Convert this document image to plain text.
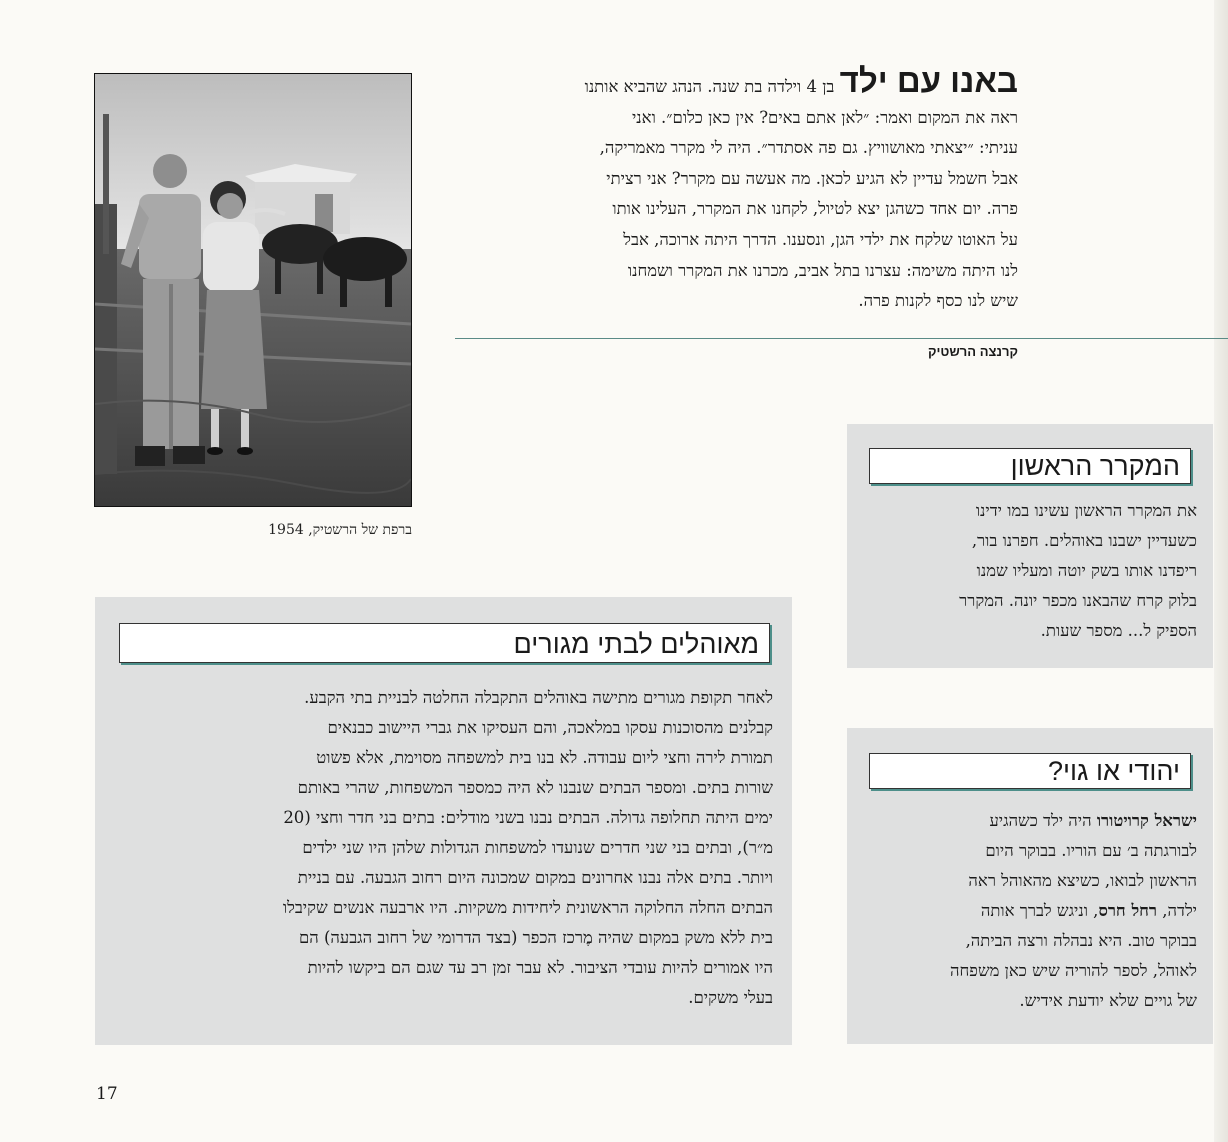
ברפת של הרשטיק, 1954
באנו עם ילד בן 4 וילדה בת שנה. הנהג שהביא אותנו
ראה את המקום ואמר: ״לאן אתם באים? אין כאן כלום״. ואני
עניתי: ״יצאתי מאושוויץ. גם פה אסתדר״. היה לי מקרר מאמריקה,
אבל חשמל עדיין לא הגיע לכאן. מה אעשה עם מקרר? אני רציתי
פרה. יום אחד כשהגן יצא לטיול, לקחנו את המקרר, העלינו אותו
על האוטו שלקח את ילדי הגן, ונסענו. הדרך היתה ארוכה, אבל
לנו היתה משימה: עצרנו בתל אביב, מכרנו את המקרר ושמחנו
שיש לנו כסף לקנות פרה.
קרנצה הרשטיק
המקרר הראשון
את המקרר הראשון עשינו במו ידינו
כשעדיין ישבנו באוהלים. חפרנו בור,
ריפדנו אותו בשק יוטה ומעליו שמנו
בלוק קרח שהבאנו מכפר יונה. המקרר
הספיק ל... מספר שעות.
מאוהלים לבתי מגורים
לאחר תקופת מגורים מתישה באוהלים התקבלה החלטה לבניית בתי הקבע.
קבלנים מהסוכנות עסקו במלאכה, והם העסיקו את גברי היישוב כבנאים
תמורת לירה וחצי ליום עבודה. לא בנו בית למשפחה מסוימת, אלא פשוט
שורות בתים. ומספר הבתים שנבנו לא היה כמספר המשפחות, שהרי באותם
ימים היתה תחלופה גדולה. הבתים נבנו בשני מודלים: בתים בני חדר וחצי (20
מ״ר), ובתים בני שני חדרים שנועדו למשפחות הגדולות שלהן היו שני ילדים
ויותר. בתים אלה נבנו אחרונים במקום שמכונה היום רחוב הגבעה. עם בניית
הבתים החלה החלוקה הראשונית ליחידות משקיות. היו ארבעה אנשים שקיבלו
בית ללא משק במקום שהיה מֶרכז הכפר (בצד הדרומי של רחוב הגבעה) הם
היו אמורים להיות עובדי הציבור. לא עבר זמן רב עד שגם הם ביקשו להיות
בעלי משקים.
יהודי או גוי?
ישראל קרויטורו היה ילד כשהגיע
לבורגתה ב׳ עם הוריו. בבוקר היום
הראשון לבואו, כשיצא מהאוהל ראה
ילדה, רחל חרס, וניגש לברך אותה
בבוקר טוב. היא נבהלה ורצה הביתה,
לאוהל, לספר להוריה שיש כאן משפחה
של גויים שלא יודעת אידיש.
17
